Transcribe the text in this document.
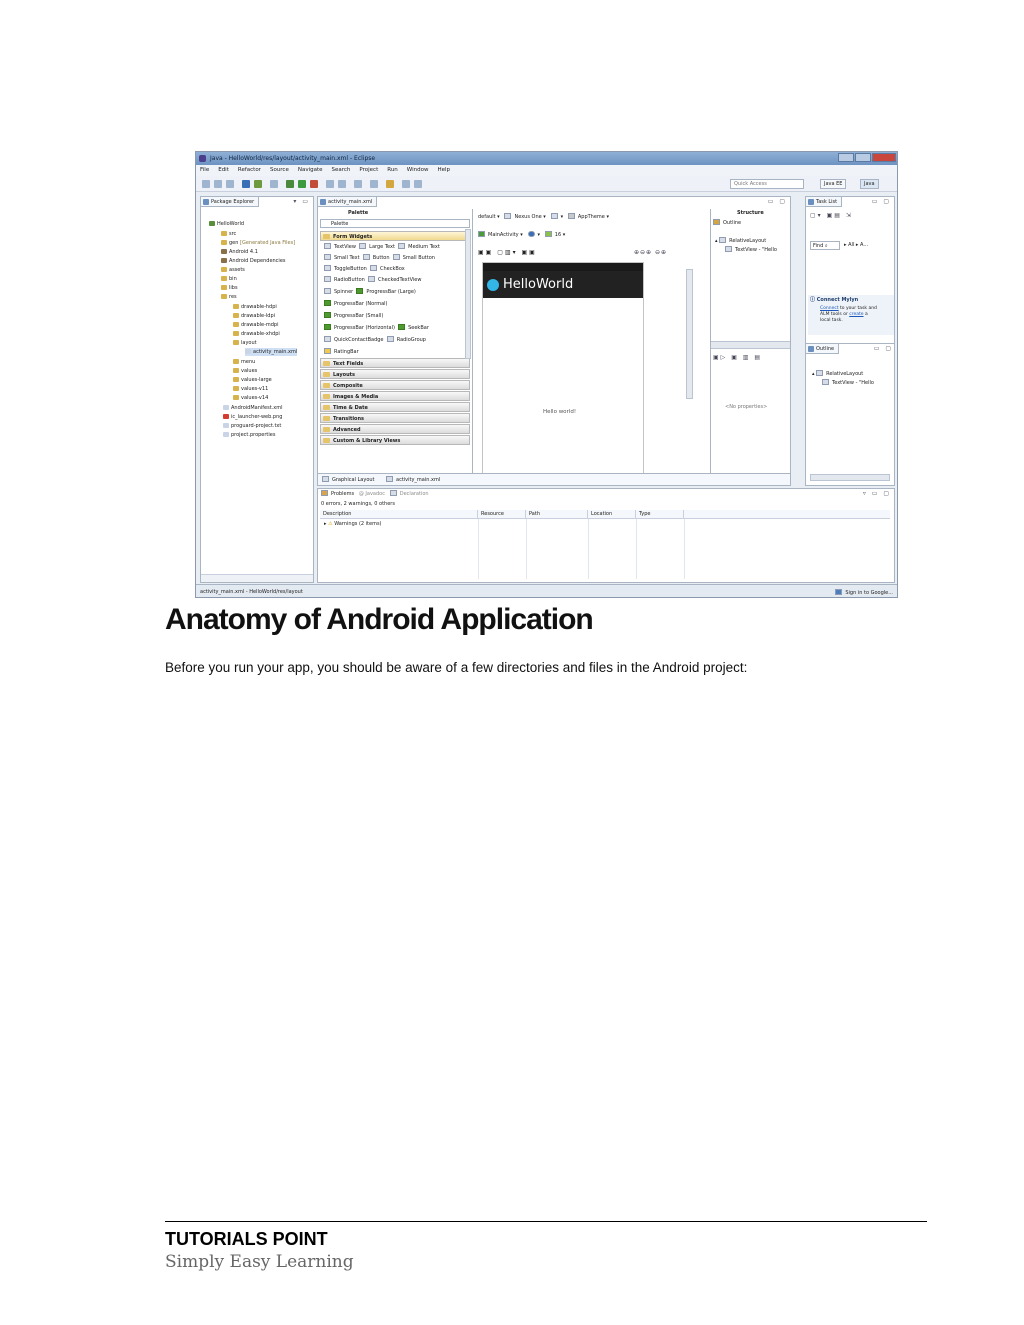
Java - HelloWorld/res/layout/activity_main.xml - Eclipse
File Edit Refactor Source Navigate Search Project Run Window Help
Quick Access	Java EE	Java
Package Explorer	▾ ▭
HelloWorld
src
gen [Generated Java Files]
Android 4.1
Android Dependencies
assets
bin
libs
res
drawable-hdpi
drawable-ldpi
drawable-mdpi
drawable-xhdpi
layout
activity_main.xml
menu
values
values-large
values-v11
values-v14
AndroidManifest.xml
ic_launcher-web.png
proguard-project.txt
project.properties
activity_main.xml	▭ ▢
Palette
Palette
Form Widgets
TextView	Large Text	Medium Text
Small Text	Button	Small Button
ToggleButton	CheckBox
RadioButton	CheckedTextView
Spinner	ProgressBar (Large)
ProgressBar (Normal)
ProgressBar (Small)
ProgressBar (Horizontal)	SeekBar
QuickContactBadge	RadioGroup
RatingBar
Text Fields
Layouts
Composite
Images & Media
Time & Date
Transitions
Advanced
Custom & Library Views
default ▾   Nexus One ▾   ▾   AppTheme ▾
MainActivity ▾   ▾   16 ▾
▣▣ ▢▥▾ ▣▣	⊕⊖⊕ ⊖⊕
HelloWorld
Hello world!
Structure
Outline
▴ RelativeLayout
TextView - "Hello
▣▷ ▣ ▥ ▤
<No properties>
Graphical Layout	activity_main.xml
Task List	▭ ▢
▢▾ ▣▤ ⇲
Find ⌕	▸ All ▸ A...
ⓘ Connect Mylyn
Connect to your task and
ALM tools or create a
local task.
Outline	▭ ▢
▴ RelativeLayout
TextView - "Hello
Problems @ Javadoc	Declaration	▿ ▭ ▢
0 errors, 2 warnings, 0 others
Description	Resource	Path	Location	Type
▸ ⚠ Warnings (2 items)
activity_main.xml - HelloWorld/res/layout	Sign in to Google...
Anatomy of Android Application

Before you run your app, you should be aware of a few directories and files in the Android project:

TUTORIALS POINT
Simply Easy Learning
